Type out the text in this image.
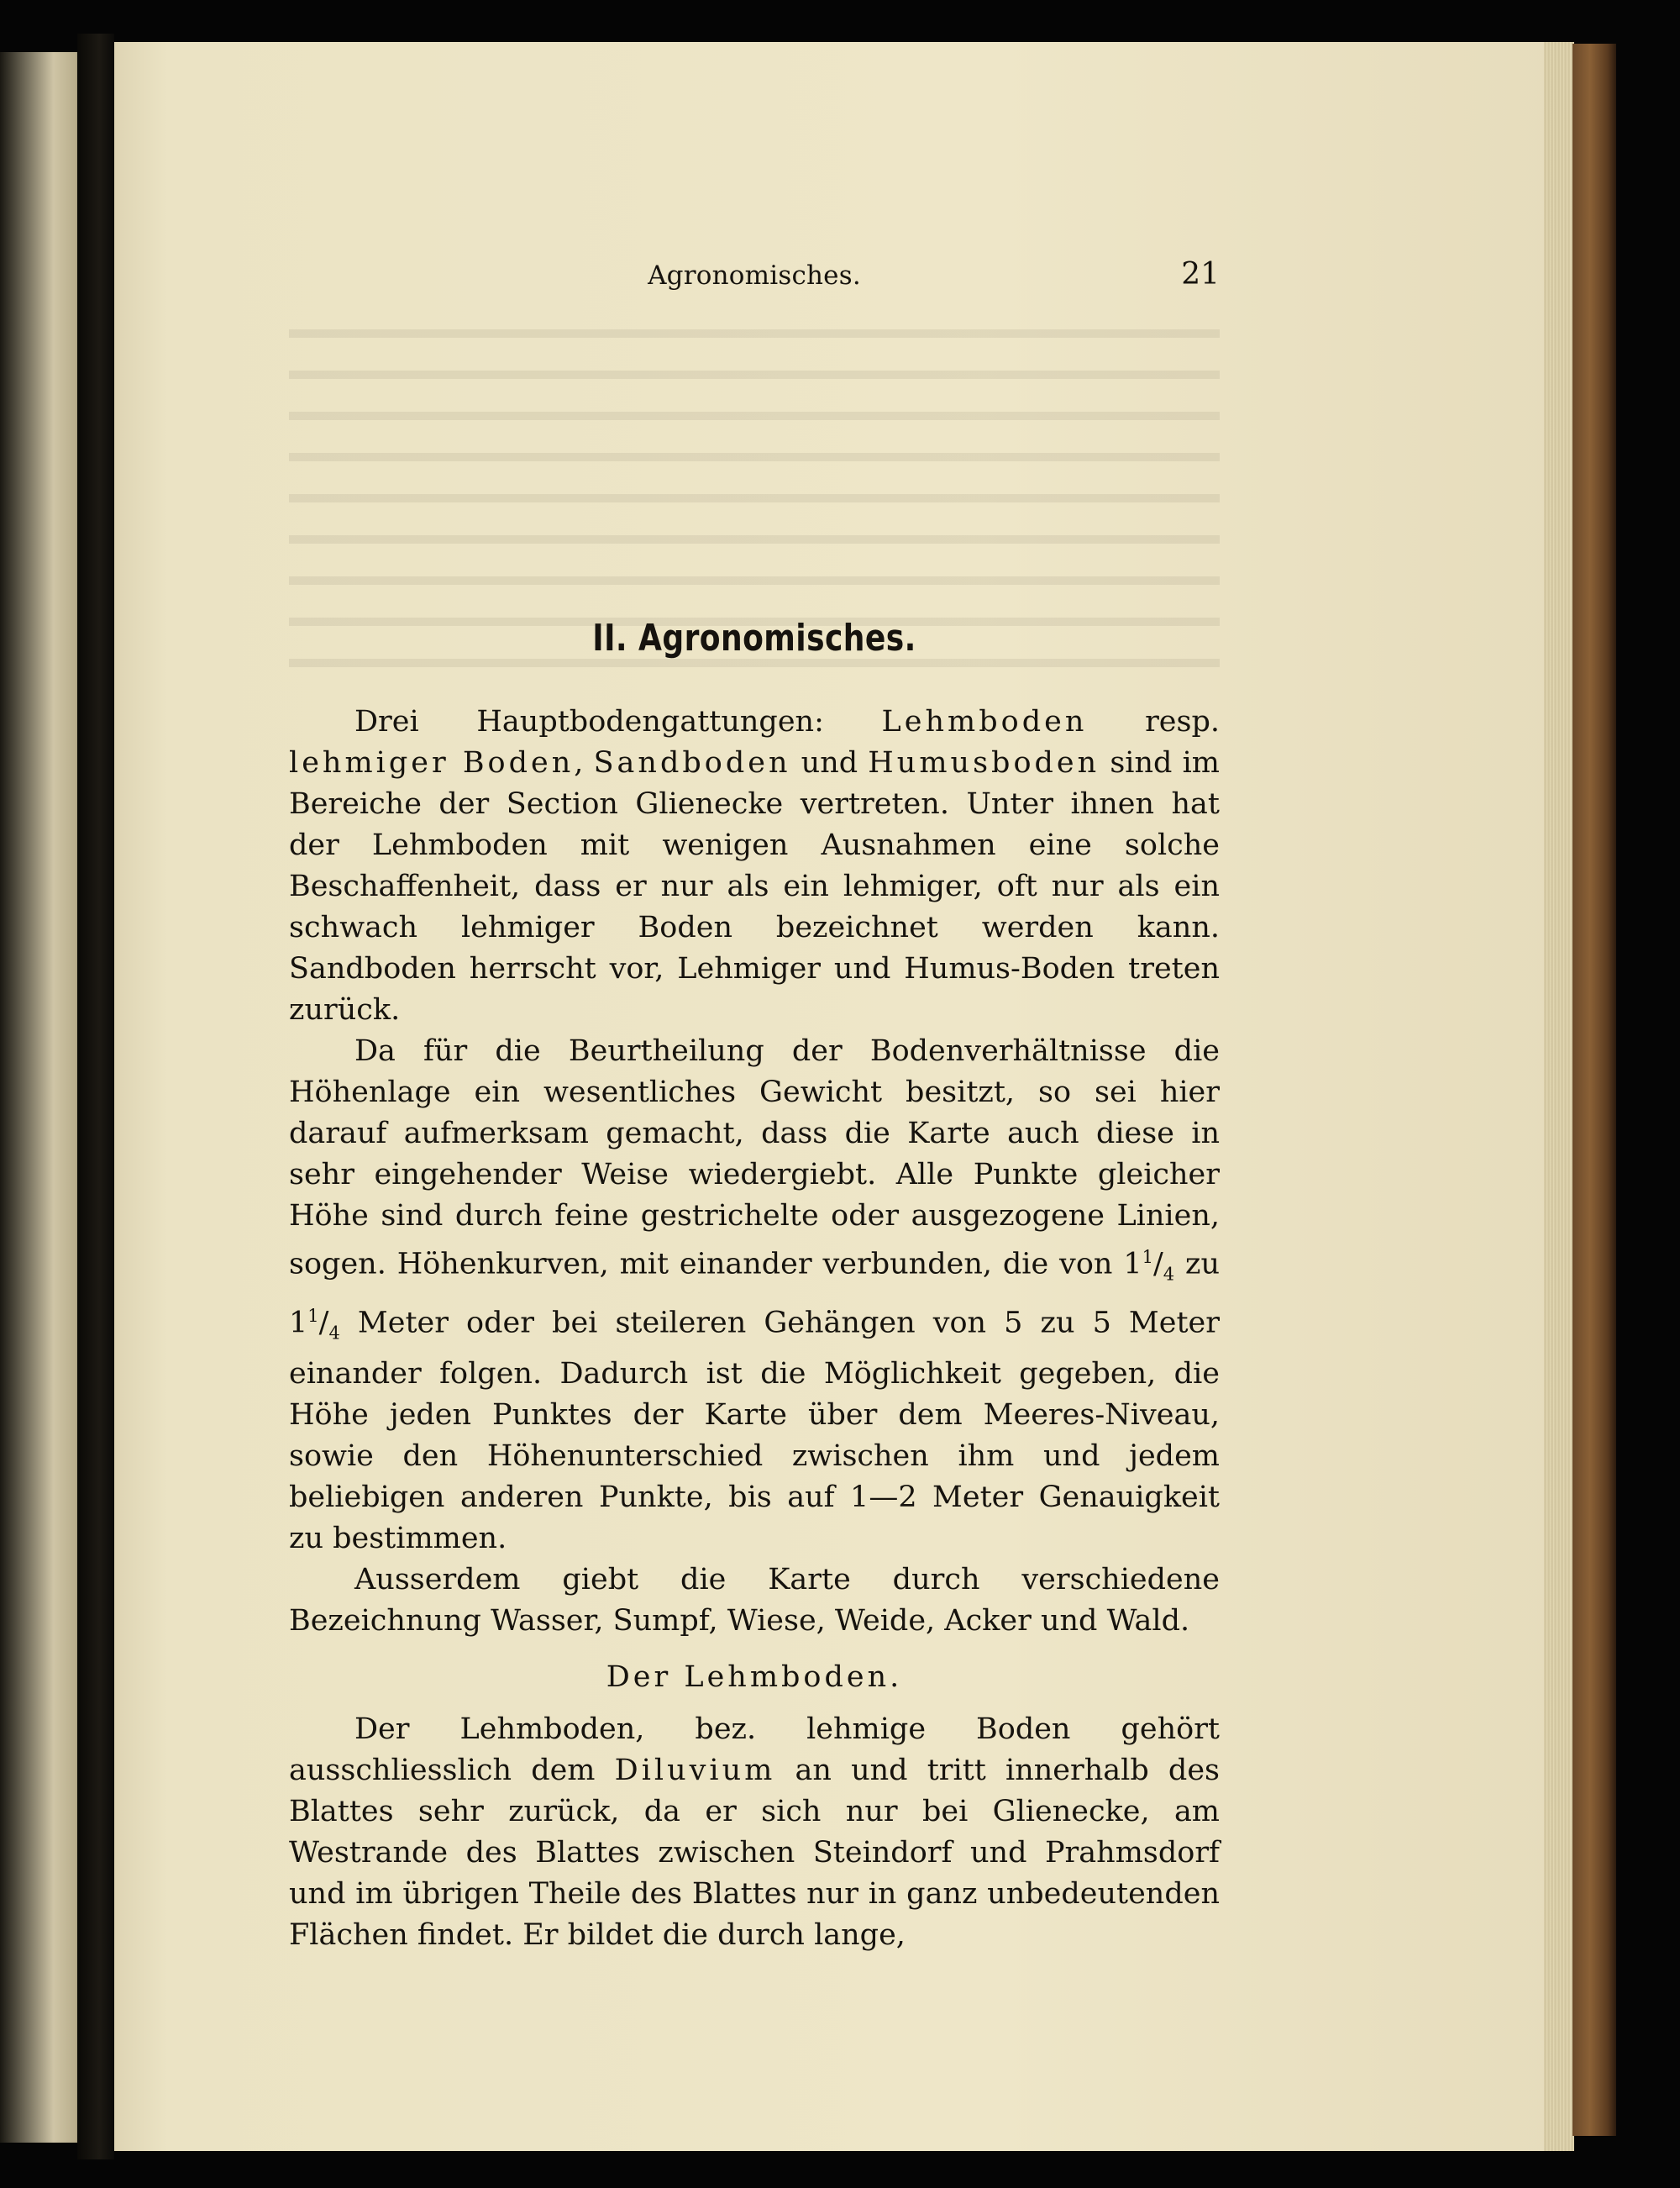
Agronomisches.	21
II. Agronomisches.

Drei Hauptbodengattungen: Lehmboden resp. lehmiger Boden, Sandboden und Humusboden sind im Bereiche der Section Glienecke vertreten. Unter ihnen hat der Lehmboden mit wenigen Ausnahmen eine solche Beschaffenheit, dass er nur als ein lehmiger, oft nur als ein schwach lehmiger Boden bezeichnet werden kann. Sandboden herrscht vor, Lehmiger und Humus-Boden treten zurück.

Da für die Beurtheilung der Bodenverhältnisse die Höhenlage ein wesentliches Gewicht besitzt, so sei hier darauf aufmerksam gemacht, dass die Karte auch diese in sehr eingehender Weise wiedergiebt. Alle Punkte gleicher Höhe sind durch feine gestrichelte oder ausgezogene Linien, sogen. Höhenkurven, mit einander verbunden, die von $1^1/_4$ zu $1^1/_4$ Meter oder bei steileren Gehängen von 5 zu 5 Meter einander folgen. Dadurch ist die Möglichkeit gegeben, die Höhe jeden Punktes der Karte über dem Meeres-Niveau, sowie den Höhenunterschied zwischen ihm und jedem beliebigen anderen Punkte, bis auf 1—2 Meter Genauigkeit zu bestimmen.

Ausserdem giebt die Karte durch verschiedene Bezeichnung Wasser, Sumpf, Wiese, Weide, Acker und Wald.

Der Lehmboden.

Der Lehmboden, bez. lehmige Boden gehört ausschliesslich dem Diluvium an und tritt innerhalb des Blattes sehr zurück, da er sich nur bei Glienecke, am Westrande des Blattes zwischen Steindorf und Prahmsdorf und im übrigen Theile des Blattes nur in ganz unbedeutenden Flächen findet. Er bildet die durch lange,
